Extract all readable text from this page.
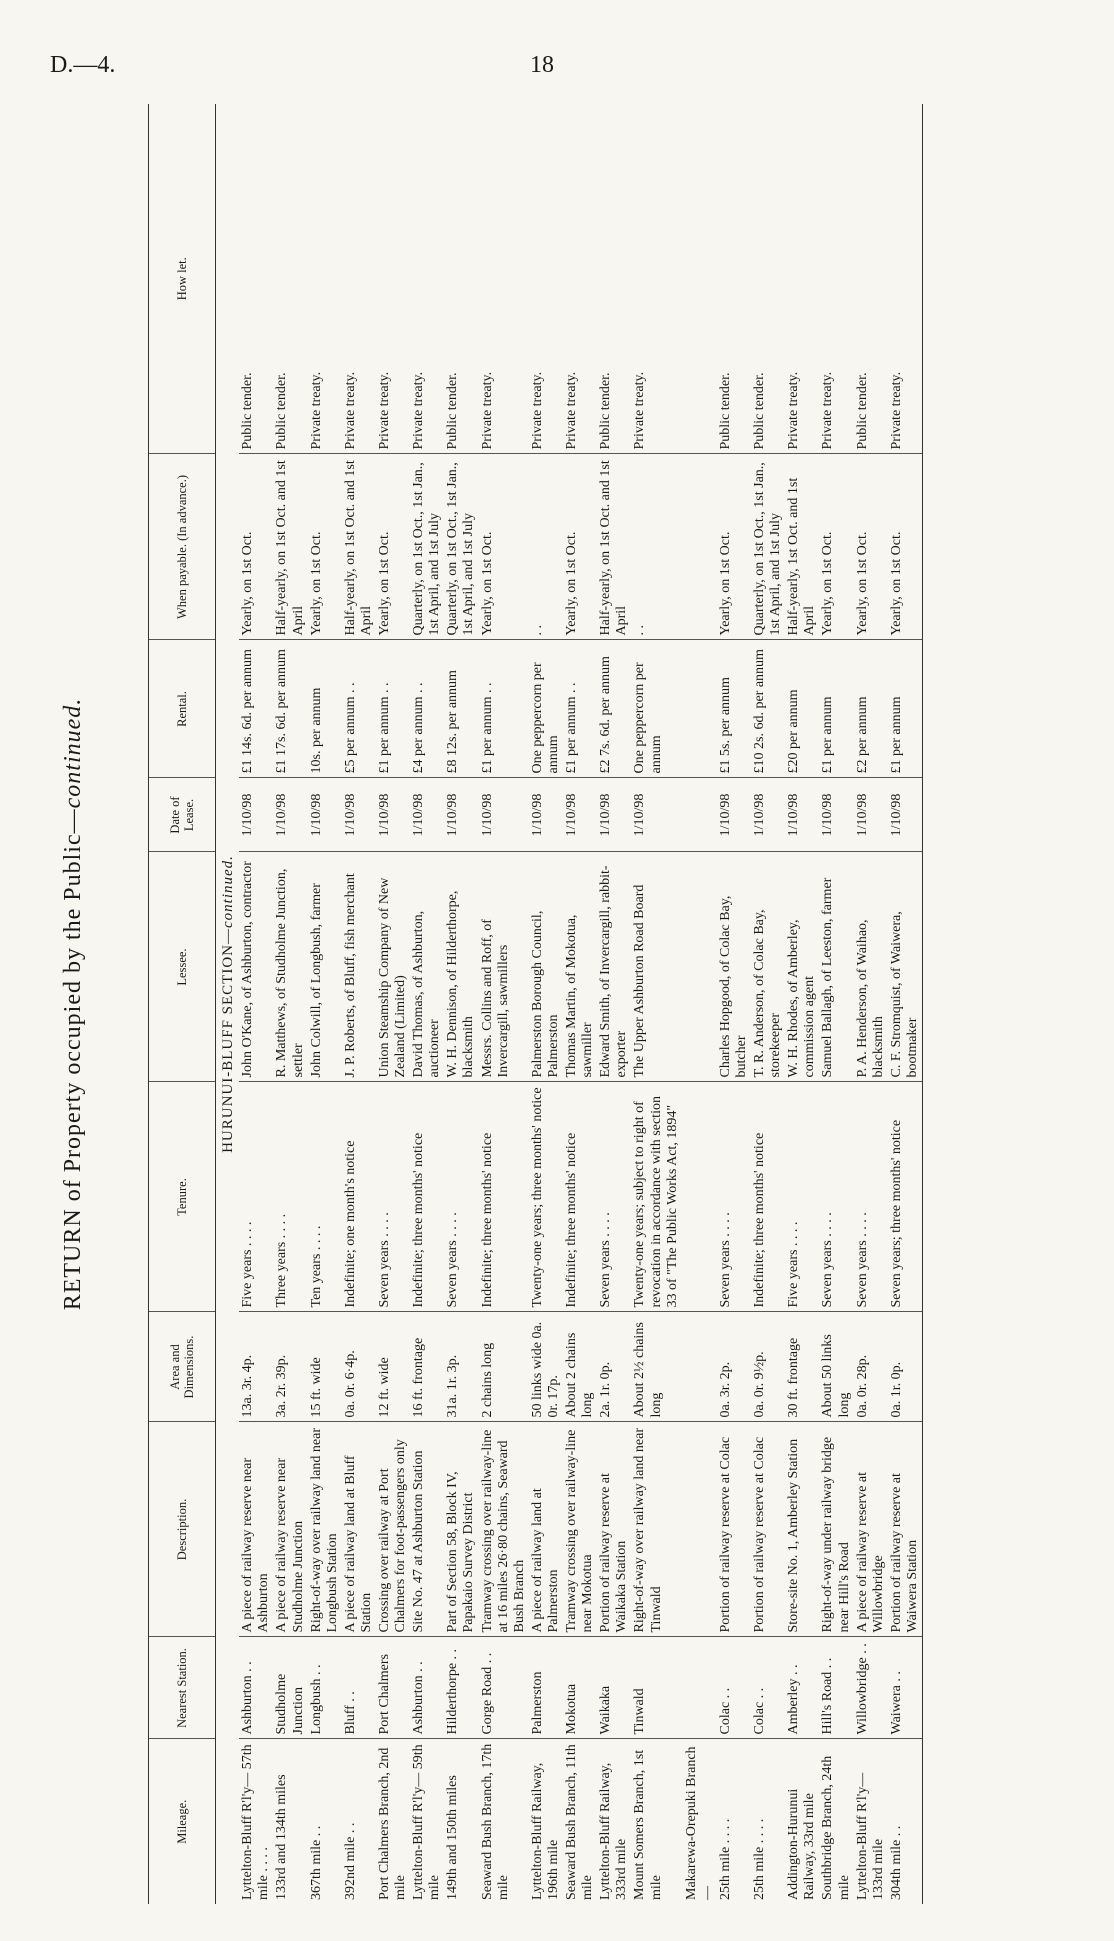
D.—4.	18
RETURN of Property occupied by the Public—continued.
Mileage.	Nearest Station.	Description.	Area and Dimensions.	Tenure.	Lessee.	Date of Lease.	Rental.	When payable. (In advance.)	How let.
HURUNUI-BLUFF SECTION—continued.									
Lyttelton-Bluff R'l'y— 57th mile . . . .	Ashburton . .	A piece of railway reserve near Ashburton	13a. 3r. 4p.	Five years . . . .	John O'Kane, of Ashburton, contractor	1/10/98	£1 14s. 6d. per annum	Yearly, on 1st Oct.	Public tender.
133rd and 134th miles	Studholme Junction	A piece of railway reserve near Studholme Junction	3a. 2r. 39p.	Three years . . . .	R. Matthews, of Studholme Junction, settler	1/10/98	£1 17s. 6d. per annum	Half-yearly, on 1st Oct. and 1st April	Public tender.
367th mile . .	Longbush . .	Right-of-way over railway land near Longbush Station	15 ft. wide	Ten years . . . .	John Colwill, of Longbush, farmer	1/10/98	10s. per annum	Yearly, on 1st Oct.	Private treaty.
392nd mile . .	Bluff . .	A piece of railway land at Bluff Station	0a. 0r. 6·4p.	Indefinite; one month's notice	J. P. Roberts, of Bluff, fish merchant	1/10/98	£5 per annum . .	Half-yearly, on 1st Oct. and 1st April	Private treaty.
Port Chalmers Branch, 2nd mile	Port Chalmers	Crossing over railway at Port Chalmers for foot-passengers only	12 ft. wide	Seven years . . . .	Union Steamship Company of New Zealand (Limited)	1/10/98	£1 per annum . .	Yearly, on 1st Oct.	Private treaty.
Lyttelton-Bluff R'l'y— 59th mile	Ashburton . .	Site No. 47 at Ashburton Station	16 ft. frontage	Indefinite; three months' notice	David Thomas, of Ashburton, auctioneer	1/10/98	£4 per annum . .	Quarterly, on 1st Oct., 1st Jan., 1st April, and 1st July	Private treaty.
149th and 150th miles	Hilderthorpe . .	Part of Section 58, Block IV, Papakaio Survey District	31a. 1r. 3p.	Seven years . . . .	W. H. Dennison, of Hilderthorpe, blacksmith	1/10/98	£8 12s. per annum	Quarterly, on 1st Oct., 1st Jan., 1st April, and 1st July	Public tender.
Seaward Bush Branch, 17th mile	Gorge Road . .	Tramway crossing over railway-line at 16 miles 26·80 chains, Seaward Bush Branch	2 chains long	Indefinite; three months' notice	Messrs. Collins and Roff, of Invercargill, sawmillers	1/10/98	£1 per annum . .	Yearly, on 1st Oct.	Private treaty.
Lyttelton-Bluff Railway, 196th mile	Palmerston	A piece of railway land at Palmerston	50 links wide 0a. 0r. 17p.	Twenty-one years; three months' notice	Palmerston Borough Council, Palmerston	1/10/98	One peppercorn per annum	. .	Private treaty.
Seaward Bush Branch, 11th mile	Mokotua	Tramway crossing over railway-line near Mokotua	About 2 chains long	Indefinite; three months' notice	Thomas Martin, of Mokotua, sawmiller	1/10/98	£1 per annum . .	Yearly, on 1st Oct.	Private treaty.
Lyttelton-Bluff Railway, 333rd mile	Waikaka	Portion of railway reserve at Waikaka Station	2a. 1r. 0p.	Seven years . . . .	Edward Smith, of Invercargill, rabbit-exporter	1/10/98	£2 7s. 6d. per annum	Half-yearly, on 1st Oct. and 1st April	Public tender.
Mount Somers Branch, 1st mile	Tinwald	Right-of-way over railway land near Tinwald	About 2½ chains long	Twenty-one years; subject to right of revocation in accordance with section 33 of "The Public Works Act, 1894"	The Upper Ashburton Road Board	1/10/98	One peppercorn per annum	. .	Private treaty.
Makarewa-Orepuki Branch—									
25th mile . . . .	Colac . .	Portion of railway reserve at Colac	0a. 3r. 2p.	Seven years . . . .	Charles Hopgood, of Colac Bay, butcher	1/10/98	£1 5s. per annum	Yearly, on 1st Oct.	Public tender.
25th mile . . . .	Colac . .	Portion of railway reserve at Colac	0a. 0r. 9½p.	Indefinite; three months' notice	T. R. Anderson, of Colac Bay, storekeeper	1/10/98	£10 2s. 6d. per annum	Quarterly, on 1st Oct., 1st Jan., 1st April, and 1st July	Public tender.
Addington-Hurunui Railway, 33rd mile	Amberley . .	Store-site No. 1, Amberley Station	30 ft. frontage	Five years . . . .	W. H. Rhodes, of Amberley, commission agent	1/10/98	£20 per annum	Half-yearly, 1st Oct. and 1st April	Private treaty.
Southbridge Branch, 24th mile	Hill's Road . .	Right-of-way under railway bridge near Hill's Road	About 50 links long	Seven years . . . .	Samuel Ballagh, of Leeston, farmer	1/10/98	£1 per annum	Yearly, on 1st Oct.	Private treaty.
Lyttelton-Bluff R'l'y— 133rd mile	Willowbridge . .	A piece of railway reserve at Willowbridge	0a. 0r. 28p.	Seven years . . . .	P. A. Henderson, of Waihao, blacksmith	1/10/98	£2 per annum	Yearly, on 1st Oct.	Public tender.
304th mile . .	Waiwera . .	Portion of railway reserve at Waiwera Station	0a. 1r. 0p.	Seven years; three months' notice	C. F. Stromquist, of Waiwera, bootmaker	1/10/98	£1 per annum	Yearly, on 1st Oct.	Private treaty.
